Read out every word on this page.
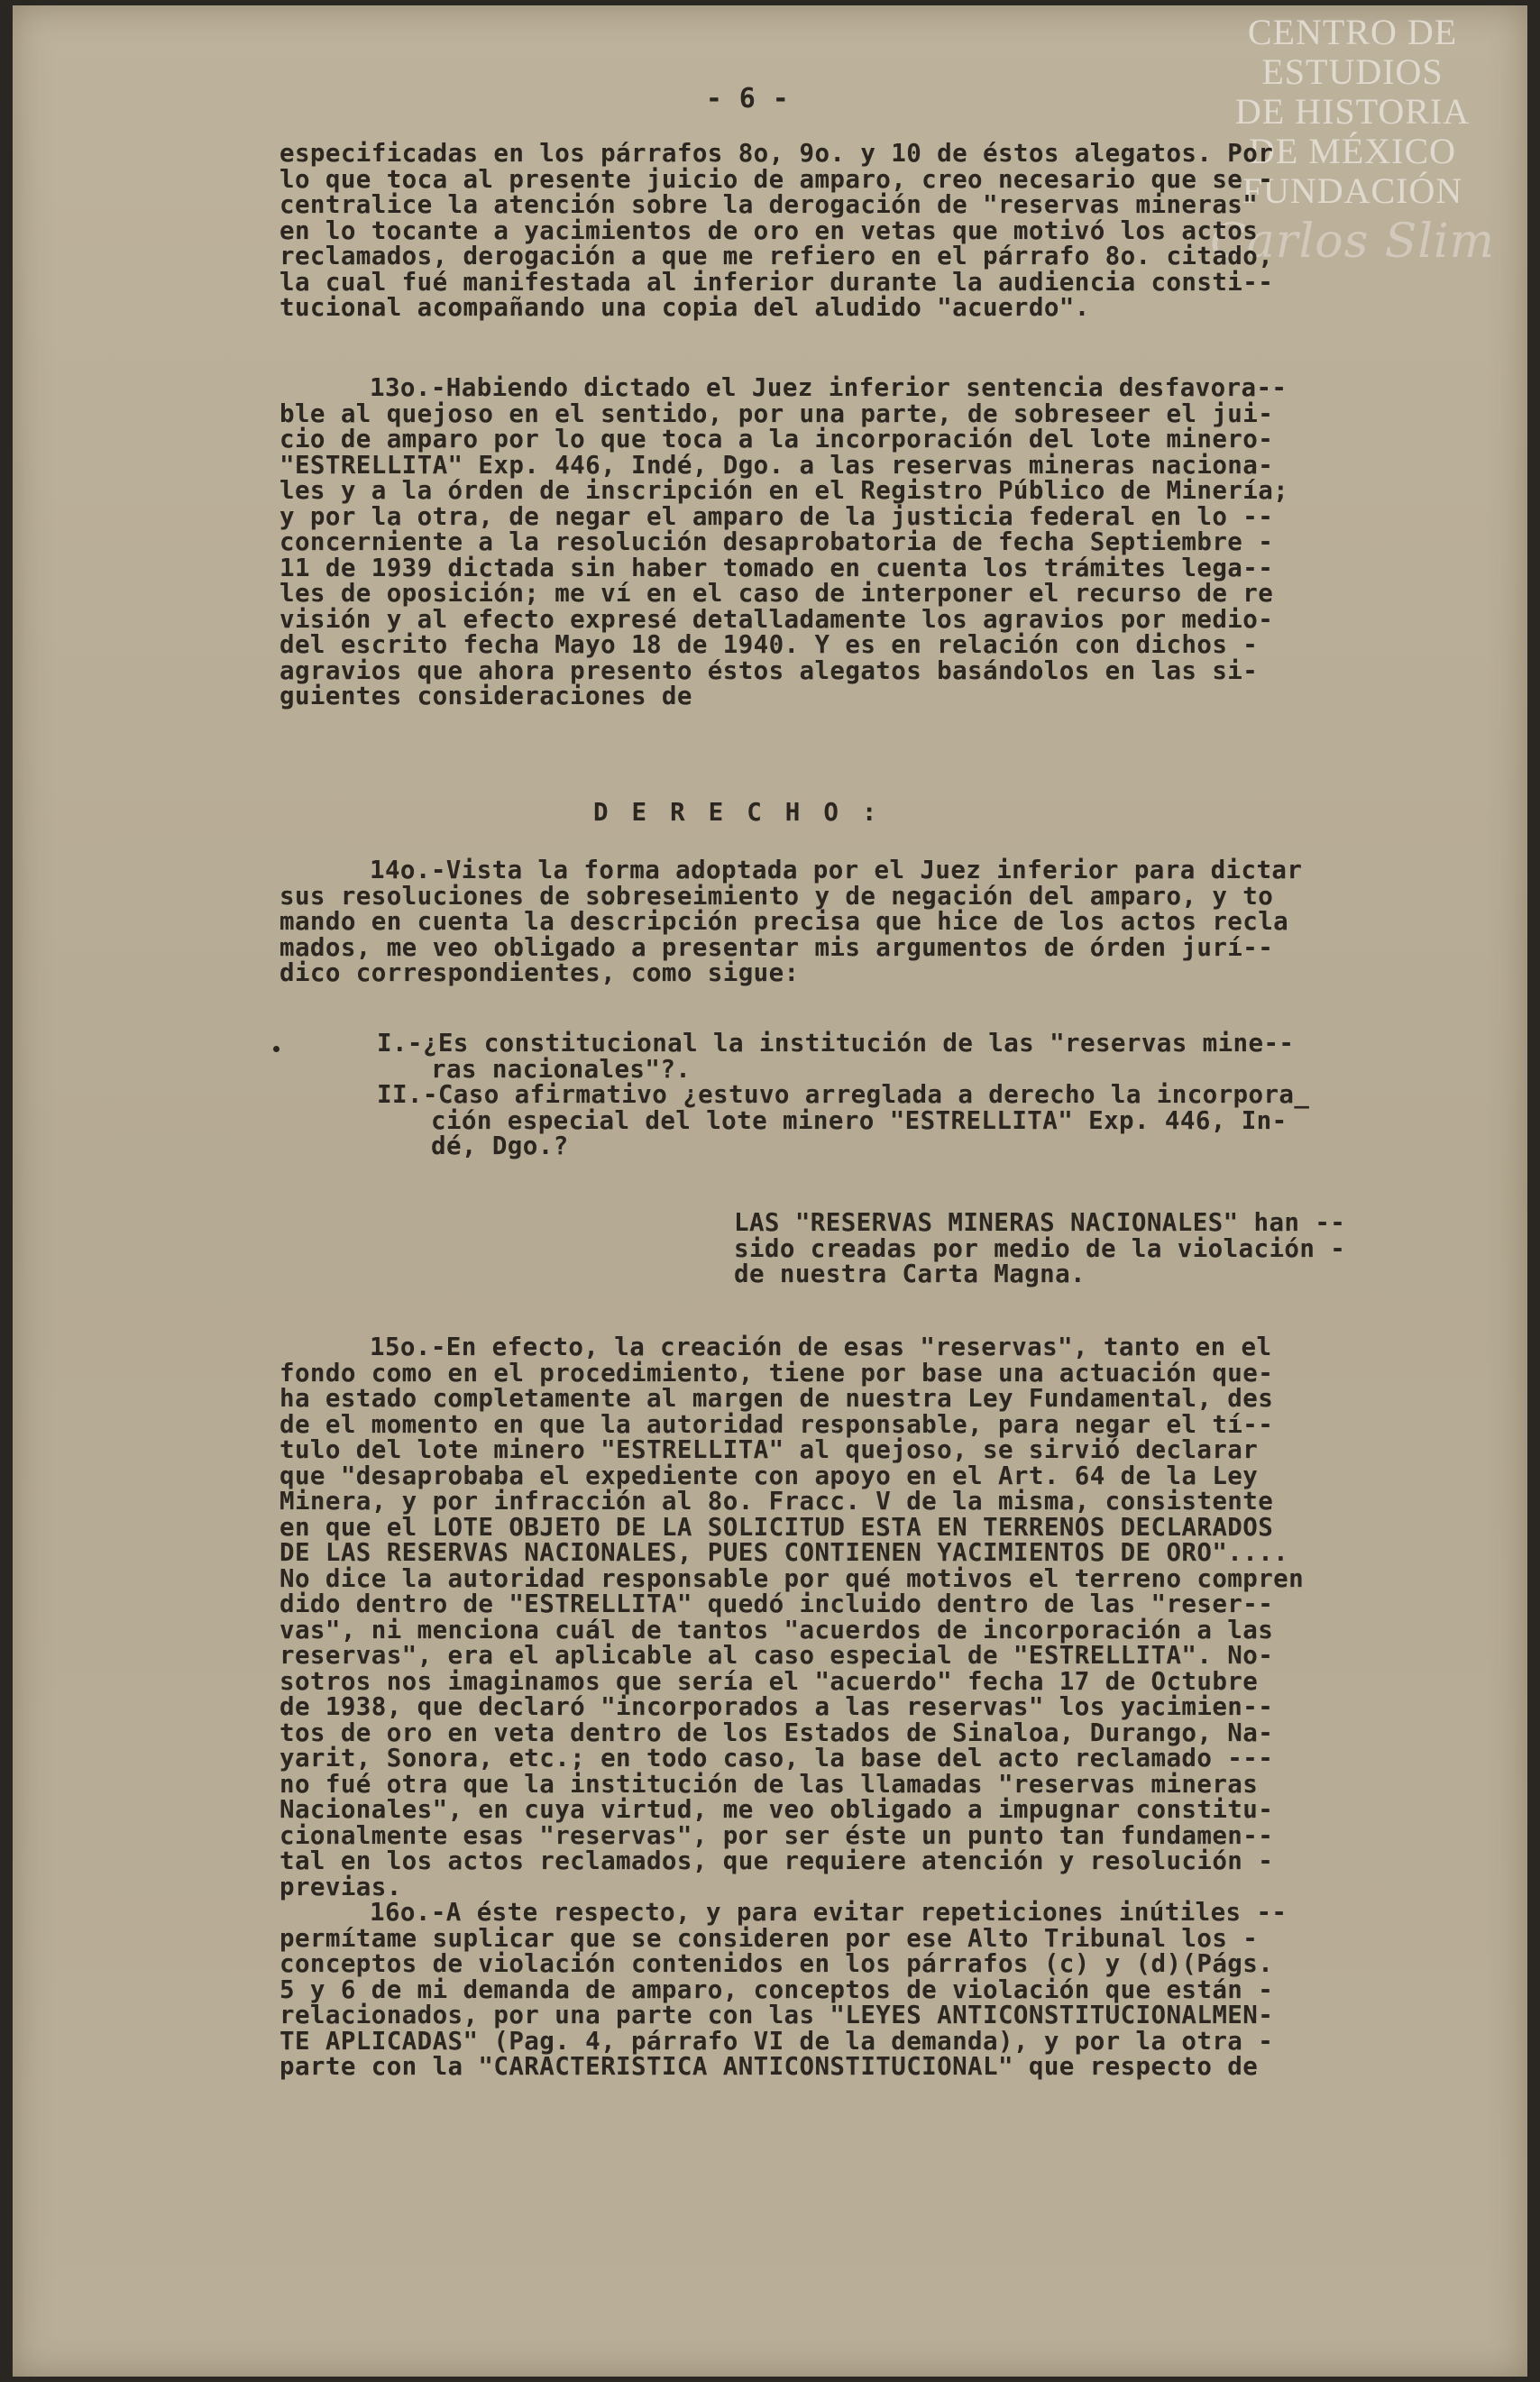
CENTRO DE
ESTUDIOS
DE HISTORIA
DE MÉXICO
FUNDACIÓN
Carlos Slim
- 6 -
especificadas en los párrafos 8o, 9o. y 10 de éstos alegatos. Por
lo que toca al presente juicio de amparo, creo necesario que se -
centralice la atención sobre la derogación de "reservas mineras"
en lo tocante a yacimientos de oro en vetas que motivó los actos
reclamados, derogación a que me refiero en el párrafo 8o. citado,
la cual fué manifestada al inferior durante la audiencia consti--
tucional acompañando una copia del aludido "acuerdo".
13o.-Habiendo dictado el Juez inferior sentencia desfavora--
ble al quejoso en el sentido, por una parte, de sobreseer el jui-
cio de amparo por lo que toca a la incorporación del lote minero-
"ESTRELLITA" Exp. 446, Indé, Dgo. a las reservas mineras naciona-
les y a la órden de inscripción en el Registro Público de Minería;
y por la otra, de negar el amparo de la justicia federal en lo --
concerniente a la resolución desaprobatoria de fecha Septiembre -
11 de 1939 dictada sin haber tomado en cuenta los trámites lega--
les de oposición; me ví en el caso de interponer el recurso de re
visión y al efecto expresé detalladamente los agravios por medio-
del escrito fecha Mayo 18 de 1940. Y es en relación con dichos -
agravios que ahora presento éstos alegatos basándolos en las si-
guientes consideraciones de
DERECHO:
14o.-Vista la forma adoptada por el Juez inferior para dictar
sus resoluciones de sobreseimiento y de negación del amparo, y to
mando en cuenta la descripción precisa que hice de los actos recla
mados, me veo obligado a presentar mis argumentos de órden jurí--
dico correspondientes, como sigue:
I.-¿Es constitucional la institución de las "reservas mine--
ras nacionales"?.
II.-Caso afirmativo ¿estuvo arreglada a derecho la incorpora_
ción especial del lote minero "ESTRELLITA" Exp. 446, In-
dé, Dgo.?
LAS "RESERVAS MINERAS NACIONALES" han --
sido creadas por medio de la violación -
de nuestra Carta Magna.
15o.-En efecto, la creación de esas "reservas", tanto en el
fondo como en el procedimiento, tiene por base una actuación que-
ha estado completamente al margen de nuestra Ley Fundamental, des
de el momento en que la autoridad responsable, para negar el tí--
tulo del lote minero "ESTRELLITA" al quejoso, se sirvió declarar
que "desaprobaba el expediente con apoyo en el Art. 64 de la Ley
Minera, y por infracción al 8o. Fracc. V de la misma, consistente
en que el LOTE OBJETO DE LA SOLICITUD ESTA EN TERRENOS DECLARADOS
DE LAS RESERVAS NACIONALES, PUES CONTIENEN YACIMIENTOS DE ORO"....
No dice la autoridad responsable por qué motivos el terreno compren
dido dentro de "ESTRELLITA" quedó incluido dentro de las "reser--
vas", ni menciona cuál de tantos "acuerdos de incorporación a las
reservas", era el aplicable al caso especial de "ESTRELLITA". No-
sotros nos imaginamos que sería el "acuerdo" fecha 17 de Octubre
de 1938, que declaró "incorporados a las reservas" los yacimien--
tos de oro en veta dentro de los Estados de Sinaloa, Durango, Na-
yarit, Sonora, etc.; en todo caso, la base del acto reclamado ---
no fué otra que la institución de las llamadas "reservas mineras
Nacionales", en cuya virtud, me veo obligado a impugnar constitu-
cionalmente esas "reservas", por ser éste un punto tan fundamen--
tal en los actos reclamados, que requiere atención y resolución -
previas.
16o.-A éste respecto, y para evitar repeticiones inútiles --
permítame suplicar que se consideren por ese Alto Tribunal los -
conceptos de violación contenidos en los párrafos (c) y (d)(Págs.
5 y 6 de mi demanda de amparo, conceptos de violación que están -
relacionados, por una parte con las "LEYES ANTICONSTITUCIONALMEN-
TE APLICADAS" (Pag. 4, párrafo VI de la demanda), y por la otra -
parte con la "CARACTERISTICA ANTICONSTITUCIONAL" que respecto de
